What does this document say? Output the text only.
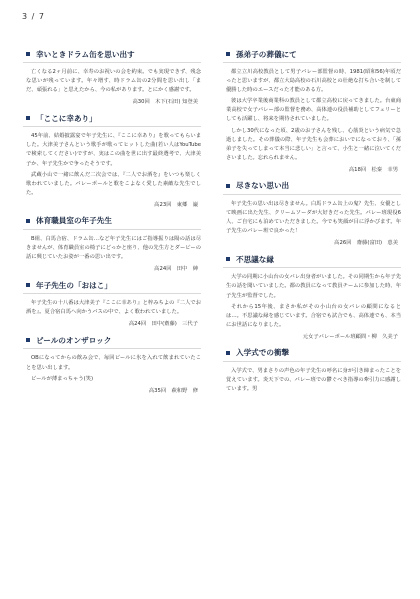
3 / 7
幸いときドラム缶を思い出す

亡くなる2ヶ月前に、幸寿のお祝いの会を約束。でも実現できず、残念な思いが残っています。年々増す、時ドラム缶の2分間を思い出し「まだ、頑張れる」と思えたから、今の私があります。とにかく感謝です。

高30回　木下(石田) 知登美
「ここに幸あり」

45年前、結婚披露宴で年子先生に、『ここに幸あり』を歌ってもらいました。大津美子さんという歌手が歌ってヒットした曲(若い人はYouTubeで検索してください)ですが、実はこの曲を世に出す最終選考で、大津美子か、年子先生かで争ったそうです。

武蔵小山で一緒に飲んだ二次会では、『二人でお酒を』をいつも楽しく歌われていました。バレーボールと歌をこよなく愛した素敵な先生でした。

高23回　東郷　巌
体育職員室の年子先生

B組、白馬合宿、ドラム缶…など年子先生にはご指導振りは陽の話は尽きませんが、体育職員室の椅子にどっかと座り、他の先生方とダービーの話に興じていたお姿が一番の思い出です。

高24回　田中　紳
年子先生の「おはこ」

年子先生の十八番は大津美子『ここに幸あり』と梓みちよの『二人でお酒を』。夏合宿白馬へ向かうバスの中で、よく歌われていました。

高24回　田中(齋藤)　三代子
ビールのオンザロック

OBになってからの飲み会で、毎回ビールに氷を入れて飲まれていたことを思い出します。

ビールが薄まっちゃう(笑)

高35回　萩和野　修
孫弟子の葬儀にて

都立立川高校教員として男子バレー部監督の時、1981(昭和56)年頃だったと思いますが、都立大島高校の石川高校との壮絶な打ち合いを制して優勝した時のエースだった才能のある方。

彼は大学卒業後商業科の教員として都立高校に戻ってきました。台東商業高校で女子バレー部の監督を務め、高体連の役員補助としてフェリーとしても活躍し、将来を期待されていました。

しかし30代になった頃、2歳のお子さんを残し、心筋炎という病気で急逝しました。その葬儀の際、年子先生も会葬においでになっており、「孫弟子を失ってしまって本当に悲しい」と言って、小生と一緒に泣いてくださいました。忘れられません。

高18回　松秦　幸男
尽きない思い出

年子先生の思い出は尽きません。白馬ドラム缶上の鬼？先生、女優として映画に出た先生、クリームソーダが大好きだった先生。バレー班現役6人、ご自宅にも泊めていただきました。今でも笑顔が目に浮かびます。年子先生のバレー班で良かった！

高26回　齋藤(富田)　恵美
不思議な縁

大学の同期に小山台の女バレ出身者がいました。その同期生から年子先生の話を聞いていました。都の教員になって教員チームに参加した時、年子先生が監督でした。

それから15年後、まさか私がその小山台の女バレの顧問になるとは…。不思議な縁を感じています。合宿でも試合でも、高体連でも、本当にお世話になりました。

元女子バレーボール班顧問・柳　久美子
入学式での衝撃

入学式で、男まさりの声色の年子先生の呼名に身が引き締まったことを覚えています。炎天下での、バレー班での鬱ぐべき指導の牽引力に感謝しています。男
